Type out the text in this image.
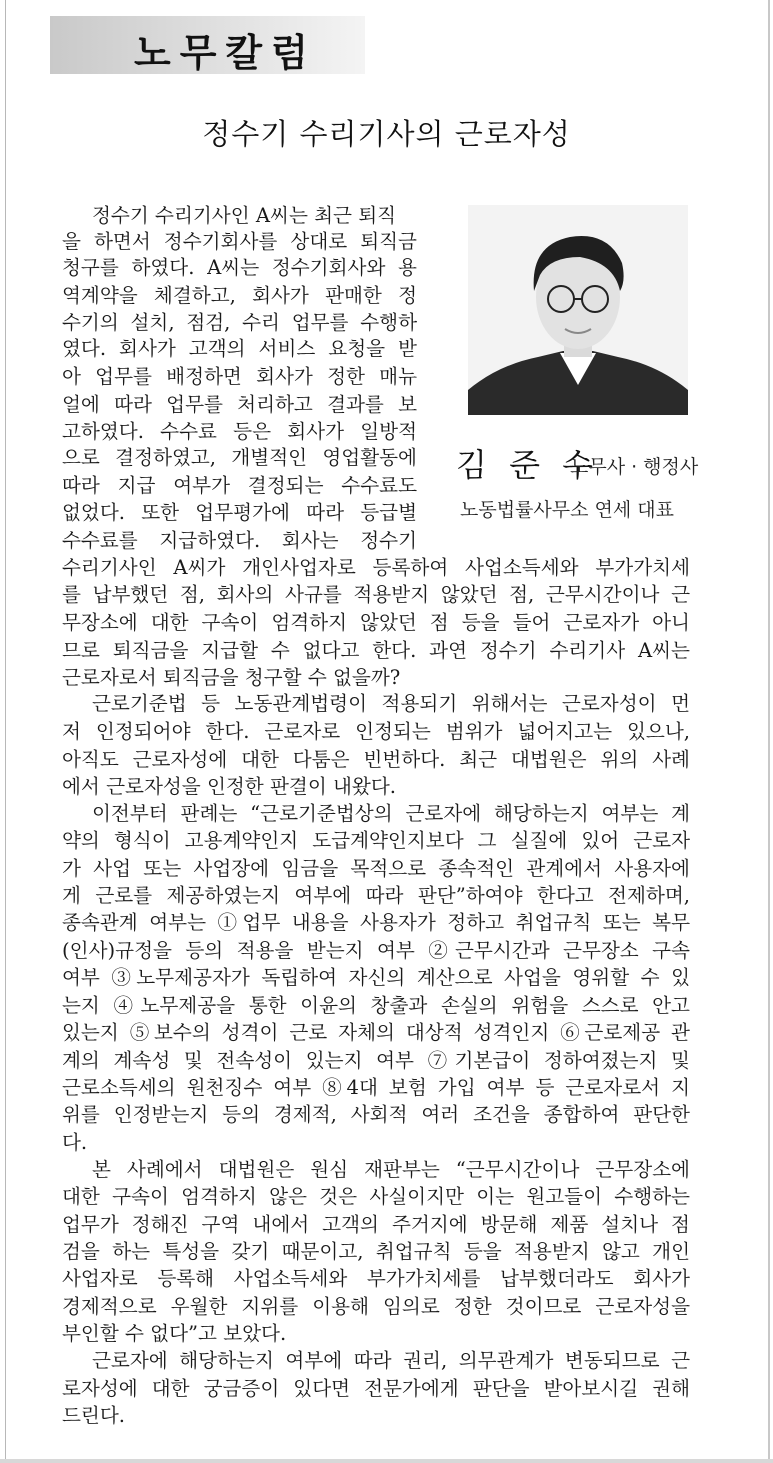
노무칼럼
정수기 수리기사의 근로자성
김 준 수
노무사 · 행정사
노동법률사무소 연세 대표
정수기 수리기사인 A씨는 최근 퇴직
을 하면서 정수기회사를 상대로 퇴직금
청구를 하였다. A씨는 정수기회사와 용
역계약을 체결하고, 회사가 판매한 정
수기의 설치, 점검, 수리 업무를 수행하
였다. 회사가 고객의 서비스 요청을 받
아 업무를 배정하면 회사가 정한 매뉴
얼에 따라 업무를 처리하고 결과를 보
고하였다. 수수료 등은 회사가 일방적
으로 결정하였고, 개별적인 영업활동에
따라 지급 여부가 결정되는 수수료도
없었다. 또한 업무평가에 따라 등급별
수수료를 지급하였다. 회사는 정수기
수리기사인 A씨가 개인사업자로 등록하여 사업소득세와 부가가치세
를 납부했던 점, 회사의 사규를 적용받지 않았던 점, 근무시간이나 근
무장소에 대한 구속이 엄격하지 않았던 점 등을 들어 근로자가 아니
므로 퇴직금을 지급할 수 없다고 한다. 과연 정수기 수리기사 A씨는
근로자로서 퇴직금을 청구할 수 없을까?
근로기준법 등 노동관계법령이 적용되기 위해서는 근로자성이 먼
저 인정되어야 한다. 근로자로 인정되는 범위가 넓어지고는 있으나,
아직도 근로자성에 대한 다툼은 빈번하다. 최근 대법원은 위의 사례
에서 근로자성을 인정한 판결이 내왔다.
이전부터 판례는 “근로기준법상의 근로자에 해당하는지 여부는 계
약의 형식이 고용계약인지 도급계약인지보다 그 실질에 있어 근로자
가 사업 또는 사업장에 임금을 목적으로 종속적인 관계에서 사용자에
게 근로를 제공하였는지 여부에 따라 판단”하여야 한다고 전제하며,
종속관계 여부는 ①업무 내용을 사용자가 정하고 취업규칙 또는 복무
(인사)규정을 등의 적용을 받는지 여부 ②근무시간과 근무장소 구속
여부 ③노무제공자가 독립하여 자신의 계산으로 사업을 영위할 수 있
는지 ④노무제공을 통한 이윤의 창출과 손실의 위험을 스스로 안고
있는지 ⑤보수의 성격이 근로 자체의 대상적 성격인지 ⑥근로제공 관
계의 계속성 및 전속성이 있는지 여부 ⑦기본급이 정하여졌는지 및
근로소득세의 원천징수 여부 ⑧4대 보험 가입 여부 등 근로자로서 지
위를 인정받는지 등의 경제적, 사회적 여러 조건을 종합하여 판단한
다.
본 사례에서 대법원은 원심 재판부는 “근무시간이나 근무장소에
대한 구속이 엄격하지 않은 것은 사실이지만 이는 원고들이 수행하는
업무가 정해진 구역 내에서 고객의 주거지에 방문해 제품 설치나 점
검을 하는 특성을 갖기 때문이고, 취업규칙 등을 적용받지 않고 개인
사업자로 등록해 사업소득세와 부가가치세를 납부했더라도 회사가
경제적으로 우월한 지위를 이용해 임의로 정한 것이므로 근로자성을
부인할 수 없다”고 보았다.
근로자에 해당하는지 여부에 따라 권리, 의무관계가 변동되므로 근
로자성에 대한 궁금증이 있다면 전문가에게 판단을 받아보시길 권해
드린다.
